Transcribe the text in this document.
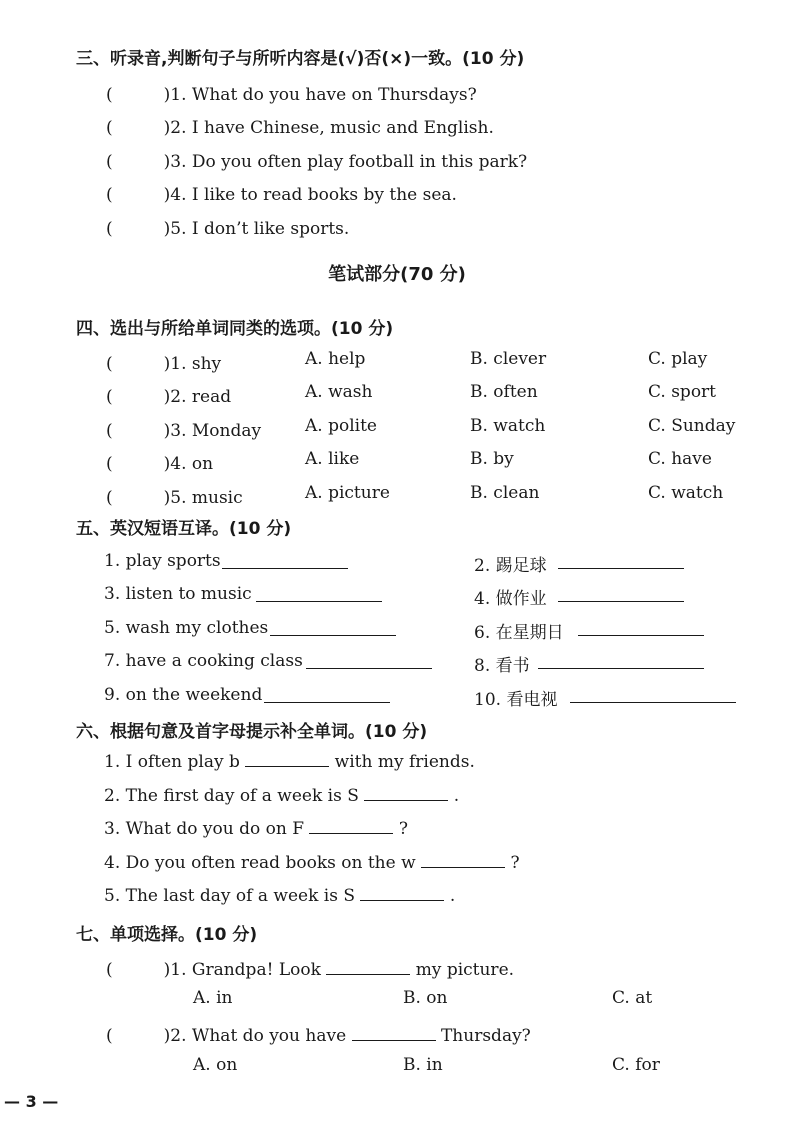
三、听录音,判断句子与所听内容是(√)否(×)一致。(10 分)
(　　　)1. What do you have on Thursdays?
(　　　)2. I have Chinese, music and English.
(　　　)3. Do you often play football in this park?
(　　　)4. I like to read books by the sea.
(　　　)5. I don’t like sports.
笔试部分(70 分)
四、选出与所给单词同类的选项。(10 分)
(　　　)1. shy	A. help	B. clever	C. play
(　　　)2. read	A. wash	B. often	C. sport
(　　　)3. Monday	A. polite	B. watch	C. Sunday
(　　　)4. on	A. like	B. by	C. have
(　　　)5. music	A. picture	B. clean	C. watch
五、英汉短语互译。(10 分)
1. play sports	2. 踢足球
3. listen to music	4. 做作业
5. wash my clothes	6. 在星期日
7. have a cooking class	8. 看书
9. on the weekend	10. 看电视
六、根据句意及首字母提示补全单词。(10 分)
1. I often play b	with my friends.
2. The first day of a week is S	.
3. What do you do on F	?
4. Do you often read books on the w	?
5. The last day of a week is S	.
七、单项选择。(10 分)
(　　　)1. Grandpa! Look	my picture.
A. in	B. on	C. at
(　　　)2. What do you have	Thursday?
A. on	B. in	C. for
— 3 —
